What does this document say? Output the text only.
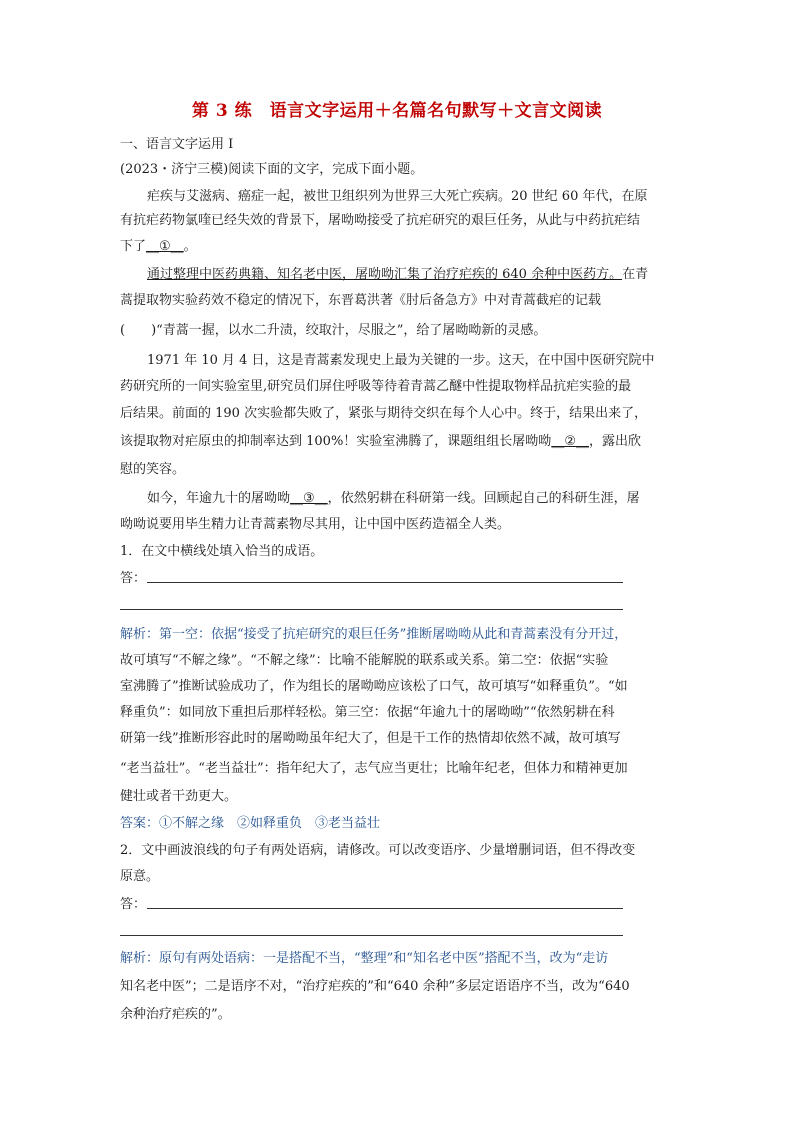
第 3 练　语言文字运用＋名篇名句默写＋文言文阅读
一、语言文字运用 Ⅰ
(2023・济宁三模)阅读下面的文字，完成下面小题。
疟疾与艾滋病、癌症一起，被世卫组织列为世界三大死亡疾病。20 世纪 60 年代，在原
有抗疟药物氯喹已经失效的背景下，屠呦呦接受了抗疟研究的艰巨任务，从此与中药抗疟结
下了__①__。
通过整理中医药典籍、知名老中医，屠呦呦汇集了治疗疟疾的 640 余种中医药方。在青
蒿提取物实验药效不稳定的情况下，东晋葛洪著《肘后备急方》中对青蒿截疟的记载
(　　)“青蒿一握，以水二升渍，绞取汁，尽服之”，给了屠呦呦新的灵感。
1971 年 10 月 4 日，这是青蒿素发现史上最为关键的一步。这天，在中国中医研究院中
药研究所的一间实验室里,研究员们屏住呼吸等待着青蒿乙醚中性提取物样品抗疟实验的最
后结果。前面的 190 次实验都失败了，紧张与期待交织在每个人心中。终于，结果出来了，
该提取物对疟原虫的抑制率达到 100%！实验室沸腾了，课题组组长屠呦呦__②__，露出欣
慰的笑容。
如今，年逾九十的屠呦呦__③__，依然躬耕在科研第一线。回顾起自己的科研生涯，屠
呦呦说要用毕生精力让青蒿素物尽其用，让中国中医药造福全人类。
1．在文中横线处填入恰当的成语。
答：
解析：第一空：依据“接受了抗疟研究的艰巨任务”推断屠呦呦从此和青蒿素没有分开过，
故可填写“不解之缘”。“不解之缘”：比喻不能解脱的联系或关系。第二空：依据“实验
室沸腾了”推断试验成功了，作为组长的屠呦呦应该松了口气，故可填写“如释重负”。“如
释重负”：如同放下重担后那样轻松。第三空：依据“年逾九十的屠呦呦”“依然躬耕在科
研第一线”推断形容此时的屠呦呦虽年纪大了，但是干工作的热情却依然不减，故可填写
“老当益壮”。“老当益壮”：指年纪大了，志气应当更壮；比喻年纪老，但体力和精神更加
健壮或者干劲更大。
答案：①不解之缘　②如释重负　③老当益壮
2．文中画波浪线的句子有两处语病，请修改。可以改变语序、少量增删词语，但不得改变
原意。
答：
解析：原句有两处语病：一是搭配不当，“整理”和“知名老中医”搭配不当，改为“走访
知名老中医”；二是语序不对，“治疗疟疾的”和“640 余种”多层定语语序不当，改为“640
余种治疗疟疾的”。
